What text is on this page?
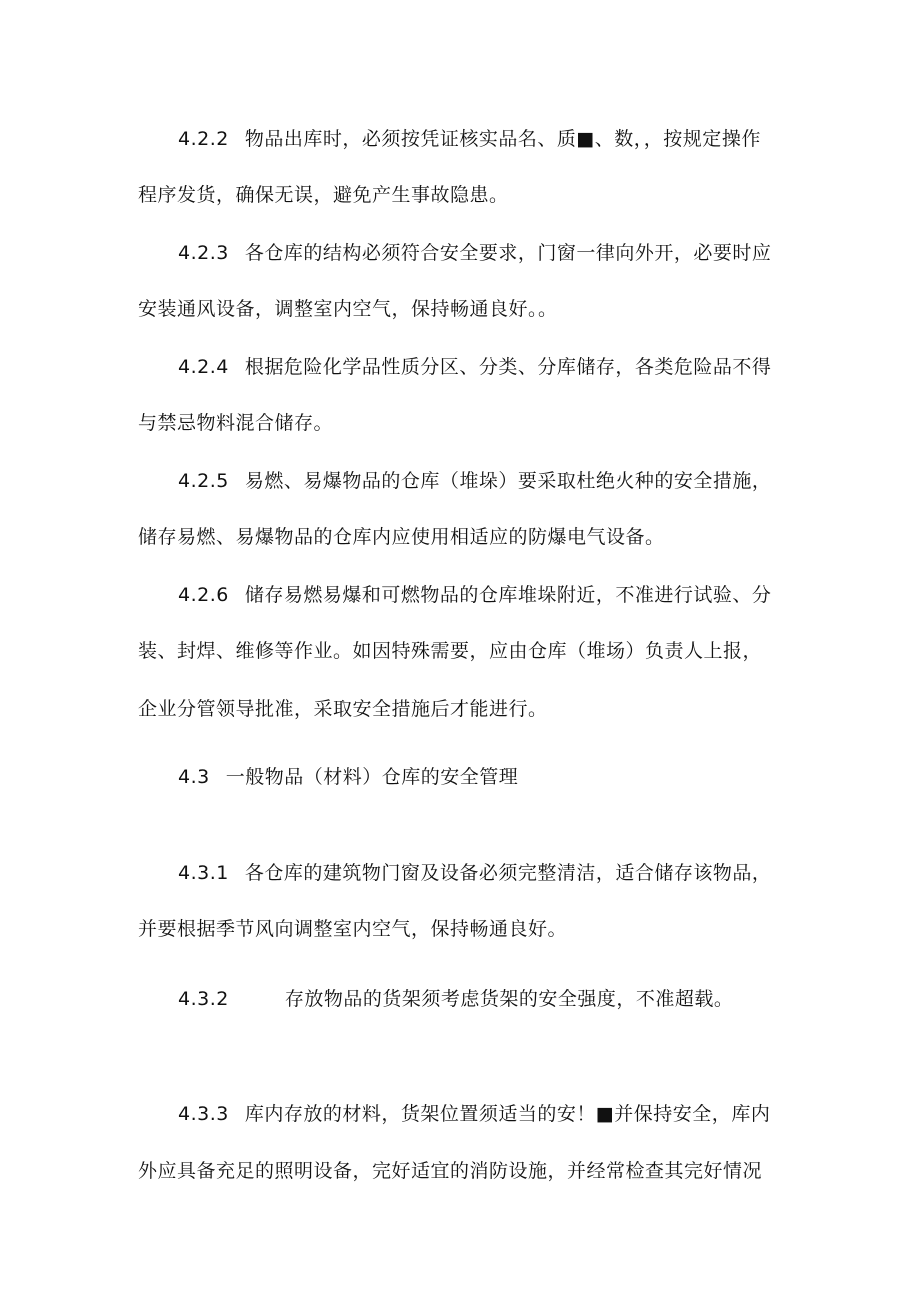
4.2.2 物品出库时，必须按凭证核实品名、质■、数，，按规定操作
程序发货，确保无误，避免产生事故隐患。
4.2.3 各仓库的结构必须符合安全要求，门窗一律向外开，必要时应
安装通风设备，调整室内空气，保持畅通良好。。
4.2.4 根据危险化学品性质分区、分类、分库储存，各类危险品不得
与禁忌物料混合储存。
4.2.5 易燃、易爆物品的仓库（堆垛）要采取杜绝火种的安全措施，
储存易燃、易爆物品的仓库内应使用相适应的防爆电气设备。
4.2.6 储存易燃易爆和可燃物品的仓库堆垛附近，不准进行试验、分
装、封焊、维修等作业。如因特殊需要，应由仓库（堆场）负责人上报，
企业分管领导批准，采取安全措施后才能进行。
4.3 一般物品（材料）仓库的安全管理
4.3.1 各仓库的建筑物门窗及设备必须完整清洁，适合储存该物品，
并要根据季节风向调整室内空气，保持畅通良好。
4.3.2	存放物品的货架须考虑货架的安全强度，不准超载。
4.3.3 库内存放的材料，货架位置须适当的安！■并保持安全，库内
外应具备充足的照明设备，完好适宜的消防设施，并经常检查其完好情况
